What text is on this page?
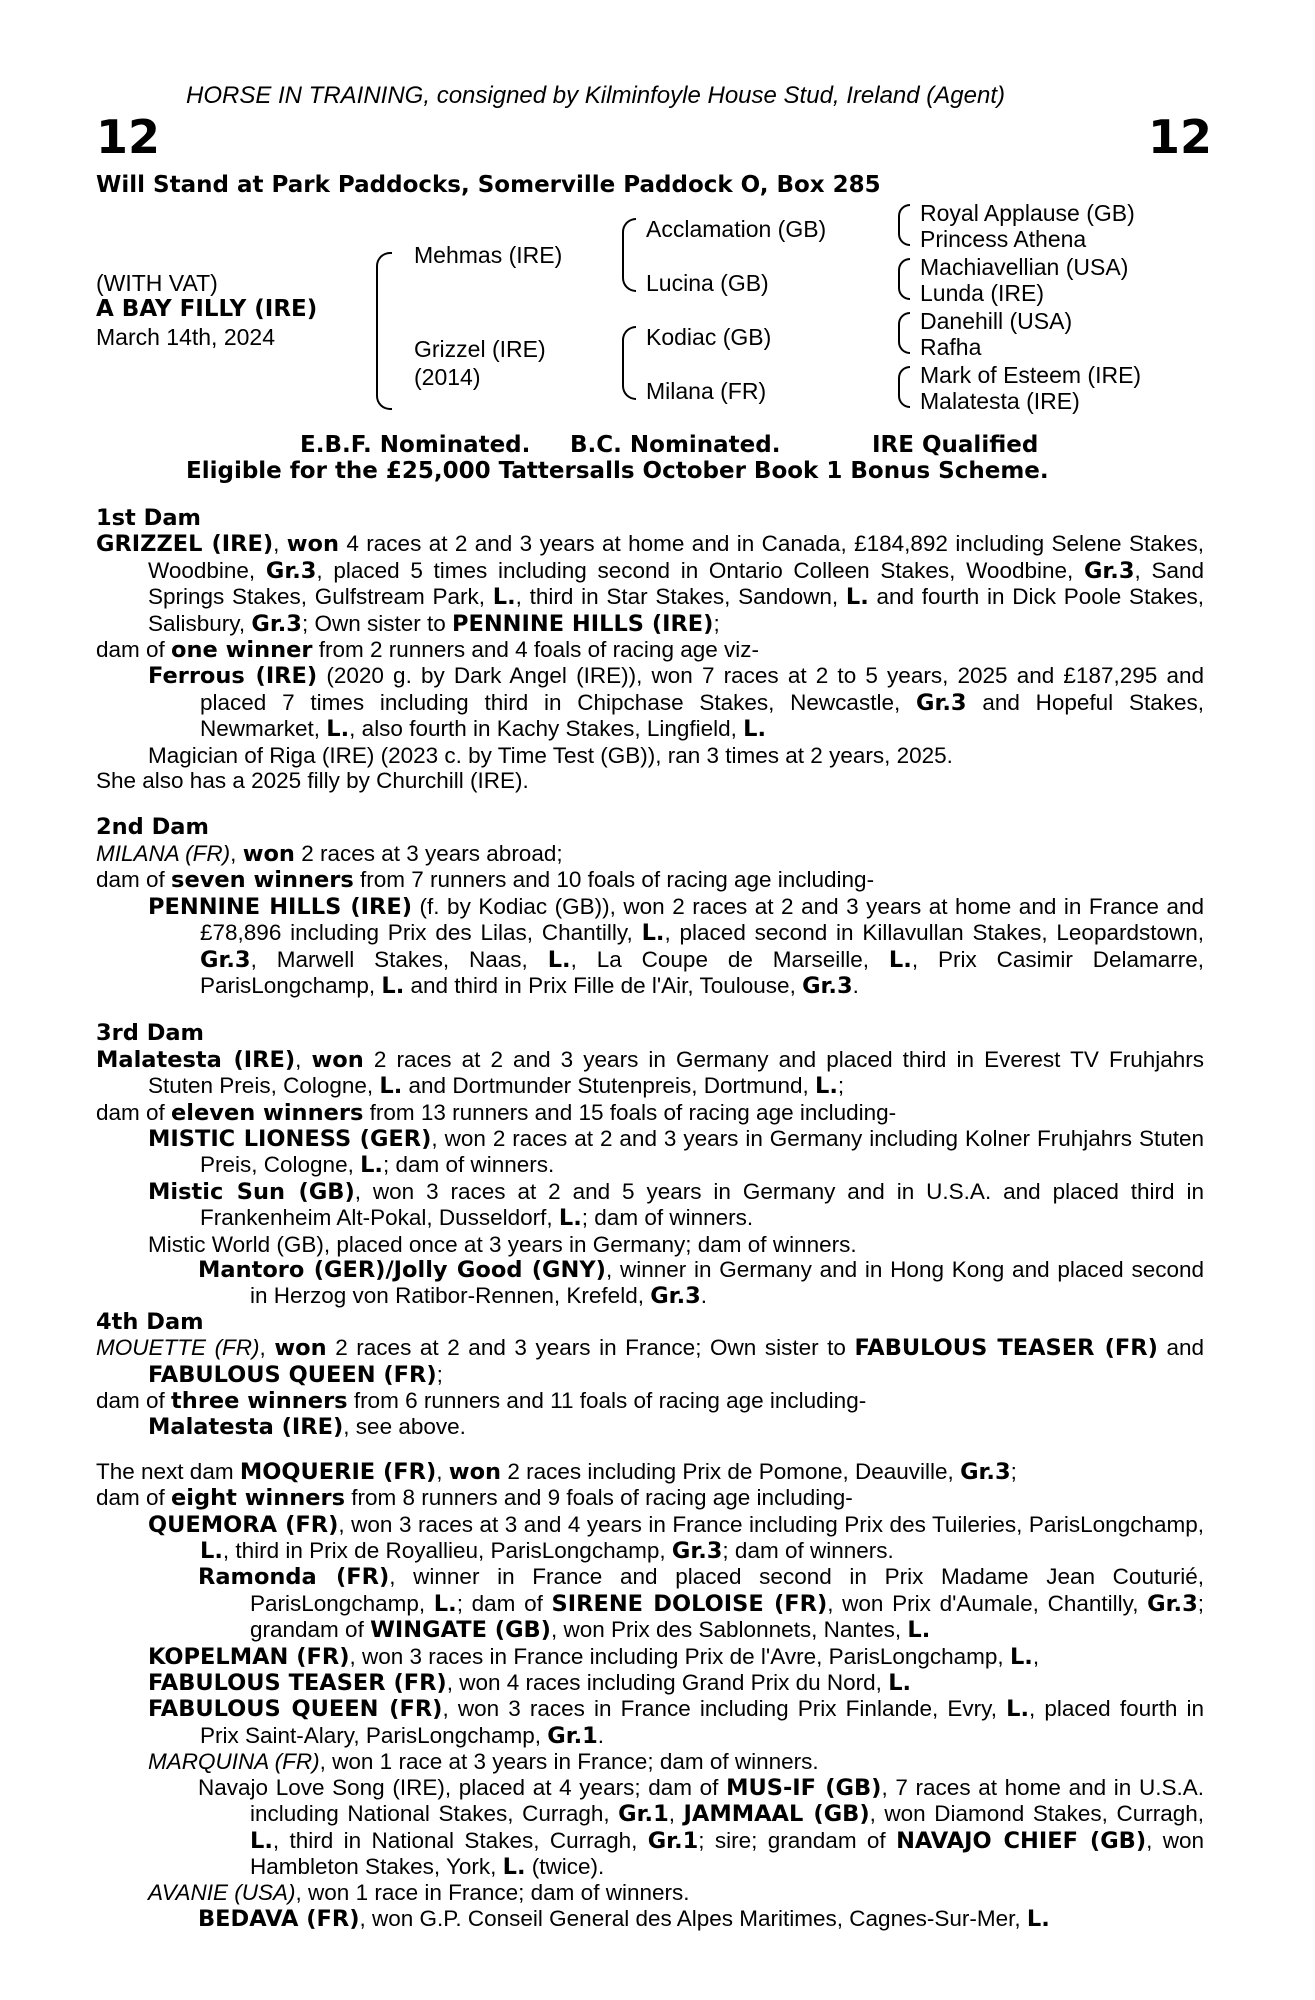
HORSE IN TRAINING, consigned by Kilminfoyle House Stud, Ireland (Agent)
12	12
Will Stand at Park Paddocks, Somerville Paddock O, Box 285
(WITH VAT)
A BAY FILLY (IRE)
March 14th, 2024
Mehmas (IRE)
Grizzel (IRE)
(2014)
Acclamation (GB)
Lucina (GB)
Kodiac (GB)
Milana (FR)
Royal Applause (GB)
Princess Athena
Machiavellian (USA)
Lunda (IRE)
Danehill (USA)
Rafha
Mark of Esteem (IRE)
Malatesta (IRE)
E.B.F. Nominated. B.C. Nominated.	IRE Qualified
Eligible for the £25,000 Tattersalls October Book 1 Bonus Scheme.
1st Dam

GRIZZEL (IRE), won 4 races at 2 and 3 years at home and in Canada, £184,892 including Selene Stakes, Woodbine, Gr.3, placed 5 times including second in Ontario Colleen Stakes, Woodbine, Gr.3, Sand Springs Stakes, Gulfstream Park, L., third in Star Stakes, Sandown, L. and fourth in Dick Poole Stakes, Salisbury, Gr.3; Own sister to PENNINE HILLS (IRE);

dam of one winner from 2 runners and 4 foals of racing age viz-

Ferrous (IRE) (2020 g. by Dark Angel (IRE)), won 7 races at 2 to 5 years, 2025 and £187,295 and placed 7 times including third in Chipchase Stakes, Newcastle, Gr.3 and Hopeful Stakes, Newmarket, L., also fourth in Kachy Stakes, Lingfield, L.

Magician of Riga (IRE) (2023 c. by Time Test (GB)), ran 3 times at 2 years, 2025.

She also has a 2025 filly by Churchill (IRE).

2nd Dam

MILANA (FR), won 2 races at 3 years abroad;

dam of seven winners from 7 runners and 10 foals of racing age including-

PENNINE HILLS (IRE) (f. by Kodiac (GB)), won 2 races at 2 and 3 years at home and in France and £78,896 including Prix des Lilas, Chantilly, L., placed second in Killavullan Stakes, Leopardstown, Gr.3, Marwell Stakes, Naas, L., La Coupe de Marseille, L., Prix Casimir Delamarre, ParisLongchamp, L. and third in Prix Fille de l'Air, Toulouse, Gr.3.

3rd Dam

Malatesta (IRE), won 2 races at 2 and 3 years in Germany and placed third in Everest TV Fruhjahrs Stuten Preis, Cologne, L. and Dortmunder Stutenpreis, Dortmund, L.;

dam of eleven winners from 13 runners and 15 foals of racing age including-

MISTIC LIONESS (GER), won 2 races at 2 and 3 years in Germany including Kolner Fruhjahrs Stuten Preis, Cologne, L.; dam of winners.

Mistic Sun (GB), won 3 races at 2 and 5 years in Germany and in U.S.A. and placed third in Frankenheim Alt-Pokal, Dusseldorf, L.; dam of winners.

Mistic World (GB), placed once at 3 years in Germany; dam of winners.

Mantoro (GER)/Jolly Good (GNY), winner in Germany and in Hong Kong and placed second in Herzog von Ratibor-Rennen, Krefeld, Gr.3.

4th Dam

MOUETTE (FR), won 2 races at 2 and 3 years in France; Own sister to FABULOUS TEASER (FR) and FABULOUS QUEEN (FR);

dam of three winners from 6 runners and 11 foals of racing age including-

Malatesta (IRE), see above.

The next dam MOQUERIE (FR), won 2 races including Prix de Pomone, Deauville, Gr.3;

dam of eight winners from 8 runners and 9 foals of racing age including-

QUEMORA (FR), won 3 races at 3 and 4 years in France including Prix des Tuileries, ParisLongchamp, L., third in Prix de Royallieu, ParisLongchamp, Gr.3; dam of winners.

Ramonda (FR), winner in France and placed second in Prix Madame Jean Couturié, ParisLongchamp, L.; dam of SIRENE DOLOISE (FR), won Prix d'Aumale, Chantilly, Gr.3; grandam of WINGATE (GB), won Prix des Sablonnets, Nantes, L.

KOPELMAN (FR), won 3 races in France including Prix de l'Avre, ParisLongchamp, L.,

FABULOUS TEASER (FR), won 4 races including Grand Prix du Nord, L.

FABULOUS QUEEN (FR), won 3 races in France including Prix Finlande, Evry, L., placed fourth in Prix Saint-Alary, ParisLongchamp, Gr.1.

MARQUINA (FR), won 1 race at 3 years in France; dam of winners.

Navajo Love Song (IRE), placed at 4 years; dam of MUS-IF (GB), 7 races at home and in U.S.A. including National Stakes, Curragh, Gr.1, JAMMAAL (GB), won Diamond Stakes, Curragh, L., third in National Stakes, Curragh, Gr.1; sire; grandam of NAVAJO CHIEF (GB), won Hambleton Stakes, York, L. (twice).

AVANIE (USA), won 1 race in France; dam of winners.

BEDAVA (FR), won G.P. Conseil General des Alpes Maritimes, Cagnes-Sur-Mer, L.
